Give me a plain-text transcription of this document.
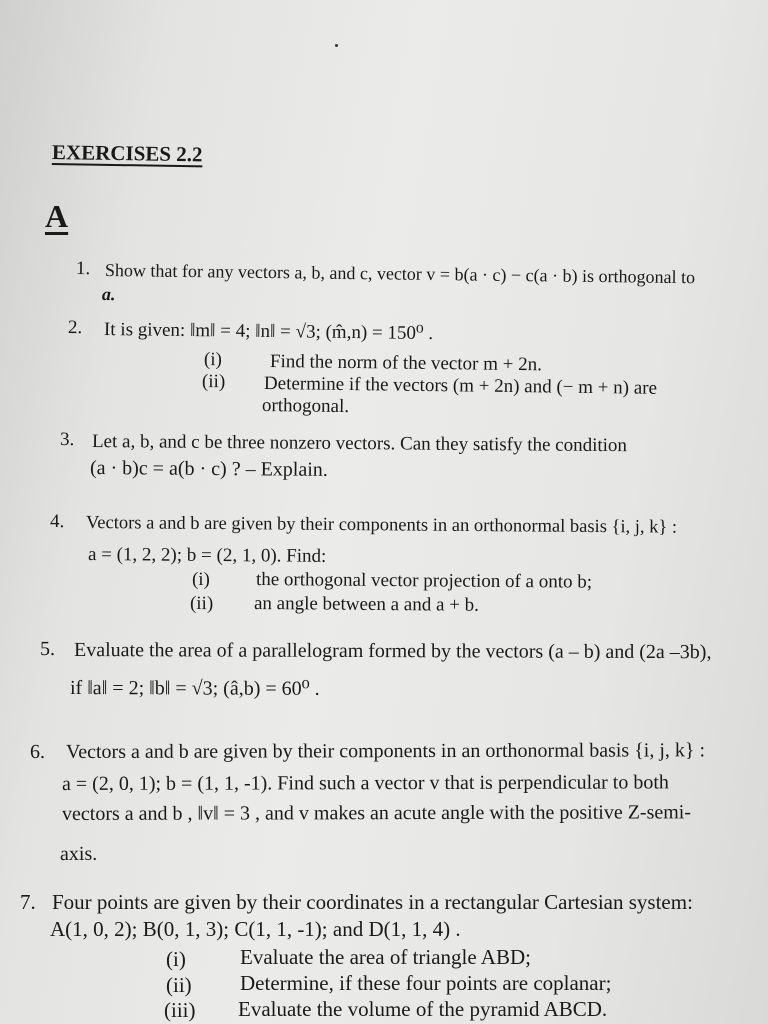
EXERCISES 2.2
A
1. Show that for any vectors a, b, and c, vector v = b(a · c) − c(a · b) is orthogonal to
a.
2. It is given: ‖m‖ = 4; ‖n‖ = √3; (m̂,n) = 150⁰ .
(i)	Find the norm of the vector m + 2n.
(ii) Determine if the vectors (m + 2n) and (− m + n) are
orthogonal.
3. Let a, b, and c be three nonzero vectors. Can they satisfy the condition
(a · b)c = a(b · c) ? – Explain.
4. Vectors a and b are given by their components in an orthonormal basis {i, j, k} :
a = (1, 2, 2); b = (2, 1, 0). Find:
(i) the orthogonal vector projection of a onto b;
(ii) an angle between a and a + b.
5. Evaluate the area of a parallelogram formed by the vectors (a – b) and (2a –3b),
if ‖a‖ = 2; ‖b‖ = √3; (â,b) = 60⁰ .
6. Vectors a and b are given by their components in an orthonormal basis {i, j, k} :
a = (2, 0, 1); b = (1, 1, -1). Find such a vector v that is perpendicular to both
vectors a and b , ‖v‖ = 3 , and v makes an acute angle with the positive Z-semi-
axis.
7. Four points are given by their coordinates in a rectangular Cartesian system:
A(1, 0, 2); B(0, 1, 3); C(1, 1, -1); and D(1, 1, 4) .
(i)	Evaluate the area of triangle ABD;
(ii) Determine, if these four points are coplanar;
(iii) Evaluate the volume of the pyramid ABCD.
